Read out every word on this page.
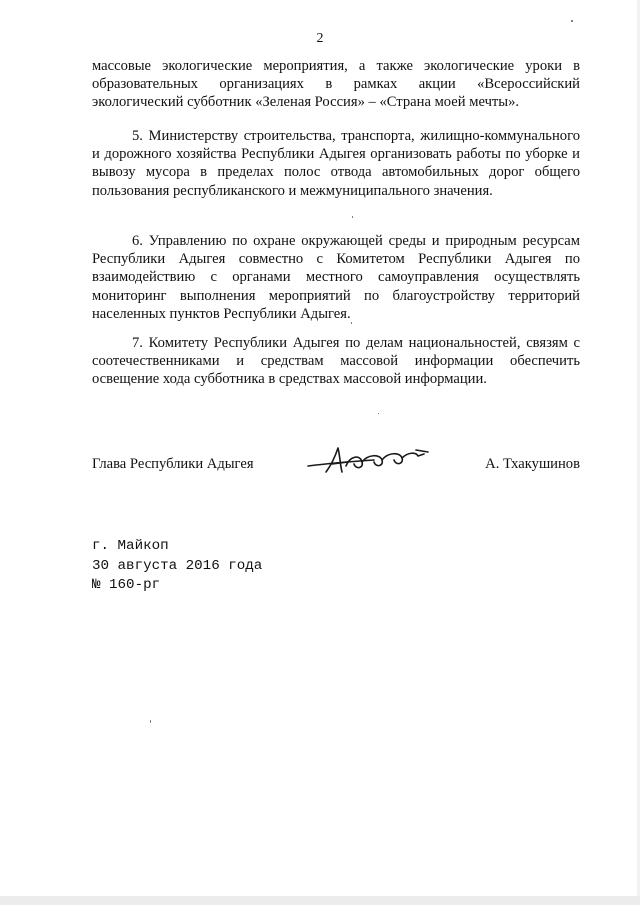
2
массовые экологические мероприятия, а также экологические уроки в образовательных организациях в рамках акции «Всероссийский экологический субботник «Зеленая Россия» – «Страна моей мечты».
5. Министерству строительства, транспорта, жилищно-коммунального и дорожного хозяйства Республики Адыгея организовать работы по уборке и вывозу мусора в пределах полос отвода автомобильных дорог общего пользования республиканского и межмуниципального значения.
6. Управлению по охране окружающей среды и природным ресурсам Республики Адыгея совместно с Комитетом Республики Адыгея по взаимодействию с органами местного самоуправления осуществлять мониторинг выполнения мероприятий по благоустройству территорий населенных пунктов Республики Адыгея.
7. Комитету Республики Адыгея по делам национальностей, связям с соотечественниками и средствам массовой информации обеспечить освещение хода субботника в средствах массовой информации.
Глава Республики Адыгея	А. Тхакушинов
г. Майкоп
30 августа 2016 года
№ 160-рг
